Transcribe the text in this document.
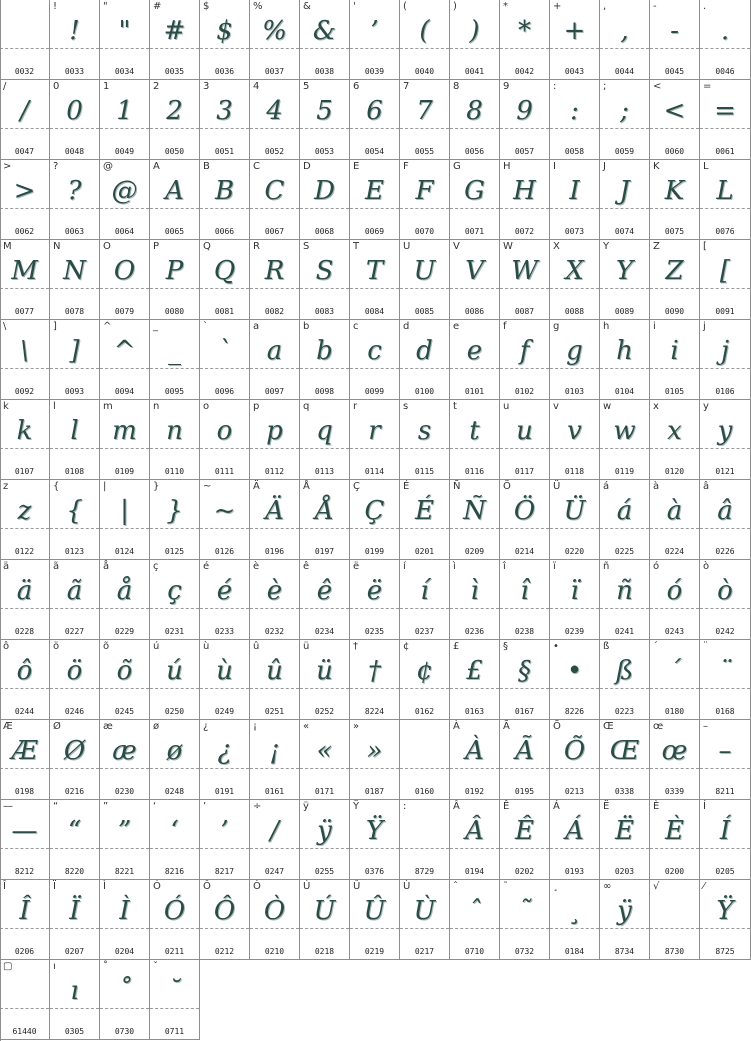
0032
!
!
0033
"
"
0034
#
#
0035
$
$
0036
%
%
0037
&
&
0038
'
’
0039
(
(
0040
)
)
0041
*
*
0042
+
+
0043
,
,
0044
-
-
0045
.
.
0046
/
/
0047
0
0
0048
1
1
0049
2
2
0050
3
3
0051
4
4
0052
5
5
0053
6
6
0054
7
7
0055
8
8
0056
9
9
0057
:
:
0058
;
;
0059
<
<
0060
=
=
0061
>
>
0062
?
?
0063
@
@
0064
A
A
0065
B
B
0066
C
C
0067
D
D
0068
E
E
0069
F
F
0070
G
G
0071
H
H
0072
I
I
0073
J
J
0074
K
K
0075
L
L
0076
M
M
0077
N
N
0078
O
O
0079
P
P
0080
Q
Q
0081
R
R
0082
S
S
0083
T
T
0084
U
U
0085
V
V
0086
W
W
0087
X
X
0088
Y
Y
0089
Z
Z
0090
[
[
0091
\
\
0092
]
]
0093
^
^
0094
_
_
0095
`
`
0096
a
a
0097
b
b
0098
c
c
0099
d
d
0100
e
e
0101
f
f
0102
g
g
0103
h
h
0104
i
i
0105
j
j
0106
k
k
0107
l
l
0108
m
m
0109
n
n
0110
o
o
0111
p
p
0112
q
q
0113
r
r
0114
s
s
0115
t
t
0116
u
u
0117
v
v
0118
w
w
0119
x
x
0120
y
y
0121
z
z
0122
{
{
0123
|
|
0124
}
}
0125
~
~
0126
Ä
Ä
0196
Å
Å
0197
Ç
Ç
0199
É
É
0201
Ñ
Ñ
0209
Ö
Ö
0214
Ü
Ü
0220
á
á
0225
à
à
0224
â
â
0226
ä
ä
0228
ã
ã
0227
å
å
0229
ç
ç
0231
é
é
0233
è
è
0232
ê
ê
0234
ë
ë
0235
í
í
0237
ì
ì
0236
î
î
0238
ï
ï
0239
ñ
ñ
0241
ó
ó
0243
ò
ò
0242
ô
ô
0244
ö
ö
0246
õ
õ
0245
ú
ú
0250
ù
ù
0249
û
û
0251
ü
ü
0252
†
†
8224
¢
¢
0162
£
£
0163
§
§
0167
•
•
8226
ß
ß
0223
´
´
0180
¨
¨
0168
Æ
Æ
0198
Ø
Ø
0216
æ
æ
0230
ø
ø
0248
¿
¿
0191
¡
¡
0161
«
«
0171
»
»
0187	0160
À
À
0192
Ã
Ã
0195
Õ
Õ
0213
Œ
Œ
0338
œ
œ
0339
–
–
8211
—
—
8212
“
“
8220
”
”
8221
‘
‘
8216
’
’
8217
÷
/
0247
ÿ
ÿ
0255
Ÿ
Ÿ
0376
:
8729
Â
Â
0194
Ê
Ê
0202
Á
Á
0193
Ë
Ë
0203
È
È
0200
Í
Í
0205
Î
Î
0206
Ï
Ï
0207
Ì
Ì
0204
Ó
Ó
0211
Ô
Ô
0212
Ò
Ò
0210
Ú
Ú
0218
Û
Û
0219
Ù
Ù
0217
ˆ
ˆ
0710
˜
˜
0732
¸
¸
0184
∞
ÿ
8734
√
8730
⁄
Ÿ
8725
▢
61440
ı
ı
0305
˚
˚
0730
ˇ
˘
0711
